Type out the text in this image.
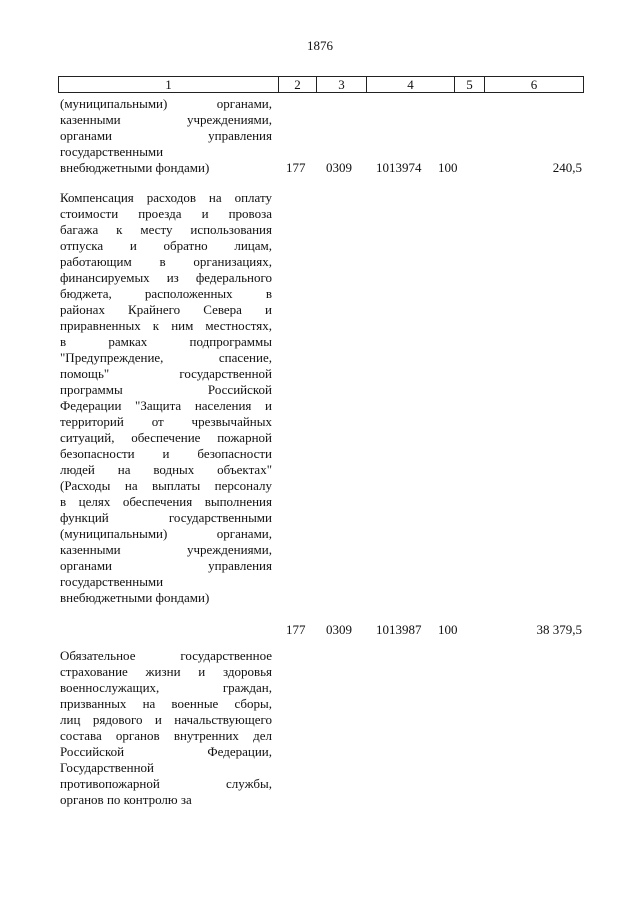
1876
1	2	3	4	5	6
(муниципальными) органами,
казенными учреждениями,
органами управления
государственными
внебюджетными фондами)	177 0309 1013974 100	240,5
Компенсация расходов на оплату
стоимости проезда и провоза
багажа к месту использования
отпуска и обратно лицам,
работающим в организациях,
финансируемых из федерального
бюджета, расположенных в
районах Крайнего Севера и
приравненных к ним местностях,
в рамках подпрограммы
"Предупреждение, спасение,
помощь" государственной
программы Российской
Федерации "Защита населения и
территорий от чрезвычайных
ситуаций, обеспечение пожарной
безопасности и безопасности
людей на водных объектах"
(Расходы на выплаты персоналу
в целях обеспечения выполнения
функций государственными
(муниципальными) органами,
казенными учреждениями,
органами управления
государственными
внебюджетными фондами)
177 0309 1013987 100	38 379,5
Обязательное государственное
страхование жизни и здоровья
военнослужащих, граждан,
призванных на военные сборы,
лиц рядового и начальствующего
состава органов внутренних дел
Российской Федерации,
Государственной
противопожарной службы,
органов по контролю за
